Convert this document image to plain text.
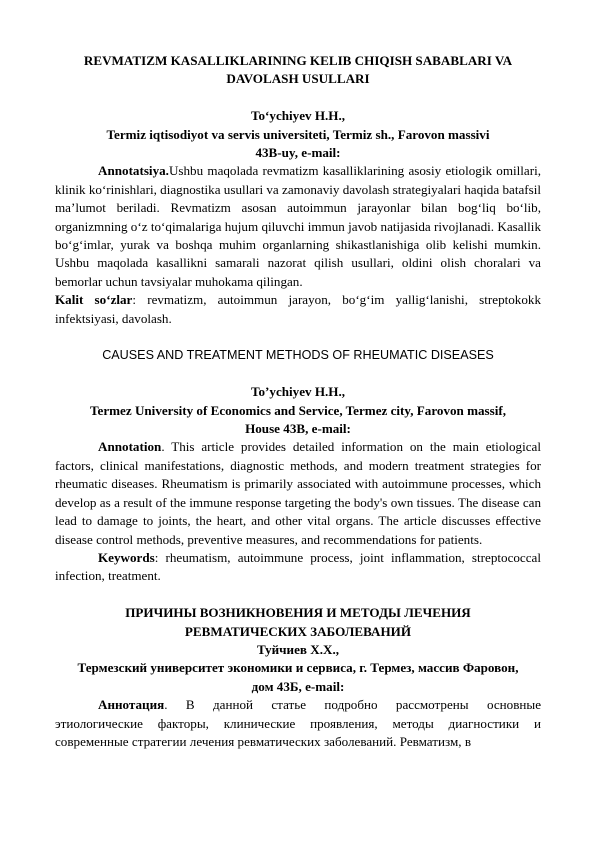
REVMATIZM KASALLIKLARINING KELIB CHIQISH SABABLARI VA

DAVOLASH USULLARI

To‘ychiyev H.H.,

Termiz iqtisodiyot va servis universiteti, Termiz sh., Farovon massivi

43B-uy, e-mail:

Annotatsiya.Ushbu maqolada revmatizm kasalliklarining asosiy etiologik omillari, klinik ko‘rinishlari, diagnostika usullari va zamonaviy davolash strategiyalari haqida batafsil ma’lumot beriladi. Revmatizm asosan autoimmun jarayonlar bilan bog‘liq bo‘lib, organizmning o‘z to‘qimalariga hujum qiluvchi immun javob natijasida rivojlanadi. Kasallik bo‘g‘imlar, yurak va boshqa muhim organlarning shikastlanishiga olib kelishi mumkin. Ushbu maqolada kasallikni samarali nazorat qilish usullari, oldini olish choralari va bemorlar uchun tavsiyalar muhokama qilingan.

Kalit so‘zlar: revmatizm, autoimmun jarayon, bo‘g‘im yallig‘lanishi, streptokokk infektsiyasi, davolash.

CAUSES AND TREATMENT METHODS OF RHEUMATIC DISEASES

To’ychiyev H.H.,

Termez University of Economics and Service, Termez city, Farovon massif,

House 43B, e-mail:

Annotation. This article provides detailed information on the main etiological factors, clinical manifestations, diagnostic methods, and modern treatment strategies for rheumatic diseases. Rheumatism is primarily associated with autoimmune processes, which develop as a result of the immune response targeting the body's own tissues. The disease can lead to damage to joints, the heart, and other vital organs. The article discusses effective disease control methods, preventive measures, and recommendations for patients.

Keywords: rheumatism, autoimmune process, joint inflammation, streptococcal infection, treatment.

ПРИЧИНЫ ВОЗНИКНОВЕНИЯ И МЕТОДЫ ЛЕЧЕНИЯ

РЕВМАТИЧЕСКИХ ЗАБОЛЕВАНИЙ

Туйчиев Х.Х.,

Термезский университет экономики и сервиса, г. Термез, массив Фаровон,

дом 43Б, e-mail:

Аннотация. В данной статье подробно рассмотрены основные этиологические факторы, клинические проявления, методы диагностики и современные стратегии лечения ревматических заболеваний. Ревматизм, в
